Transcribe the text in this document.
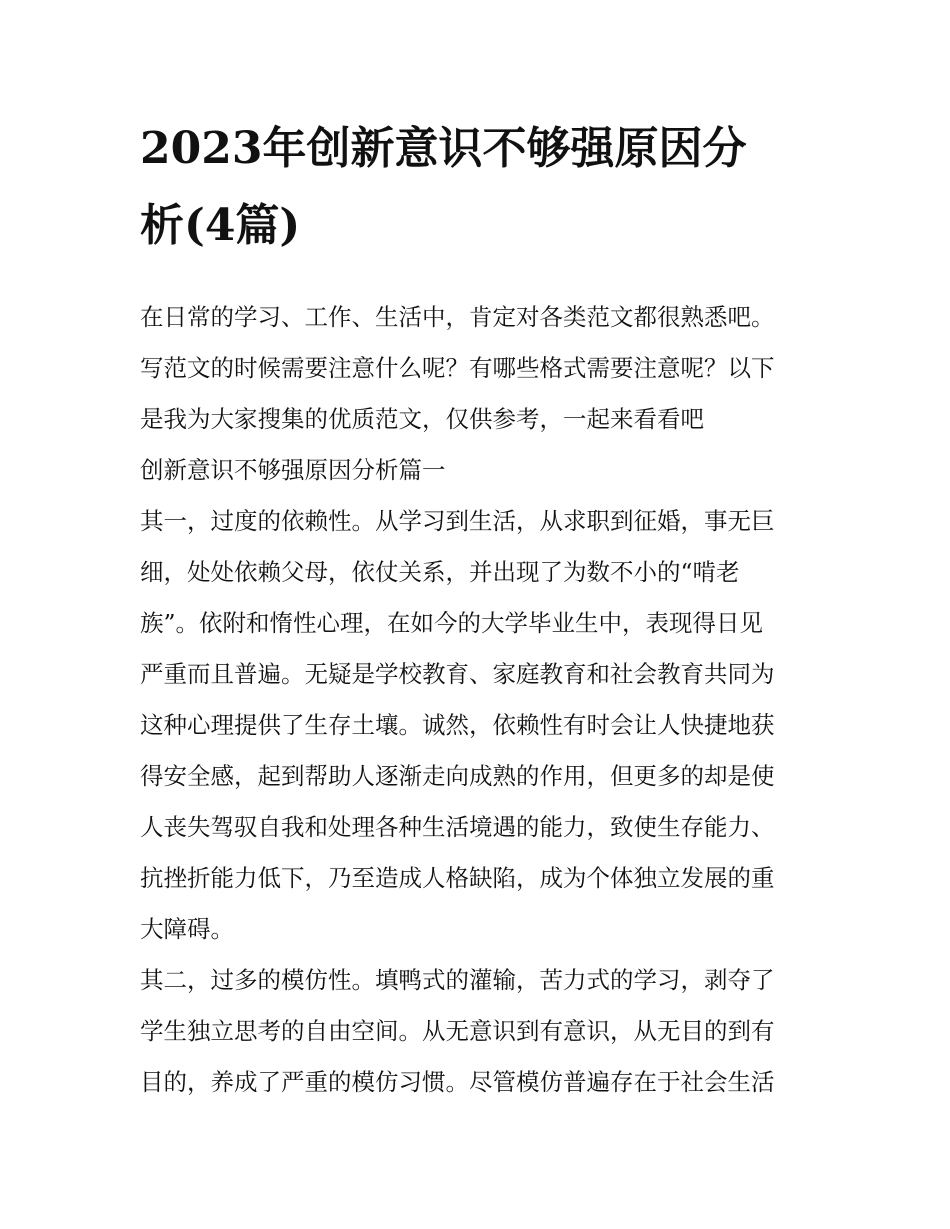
2023年创新意识不够强原因分
析(4篇)
在日常的学习、工作、生活中，肯定对各类范文都很熟悉吧。
写范文的时候需要注意什么呢？有哪些格式需要注意呢？以下
是我为大家搜集的优质范文，仅供参考，一起来看看吧
创新意识不够强原因分析篇一
其一，过度的依赖性。从学习到生活，从求职到征婚，事无巨
细，处处依赖父母，依仗关系，并出现了为数不小的“啃老
族”。依附和惰性心理，在如今的大学毕业生中，表现得日见
严重而且普遍。无疑是学校教育、家庭教育和社会教育共同为
这种心理提供了生存土壤。诚然，依赖性有时会让人快捷地获
得安全感，起到帮助人逐渐走向成熟的作用，但更多的却是使
人丧失驾驭自我和处理各种生活境遇的能力，致使生存能力、
抗挫折能力低下，乃至造成人格缺陷，成为个体独立发展的重
大障碍。
其二，过多的模仿性。填鸭式的灌输，苦力式的学习，剥夺了
学生独立思考的自由空间。从无意识到有意识，从无目的到有
目的，养成了严重的模仿习惯。尽管模仿普遍存在于社会生活
